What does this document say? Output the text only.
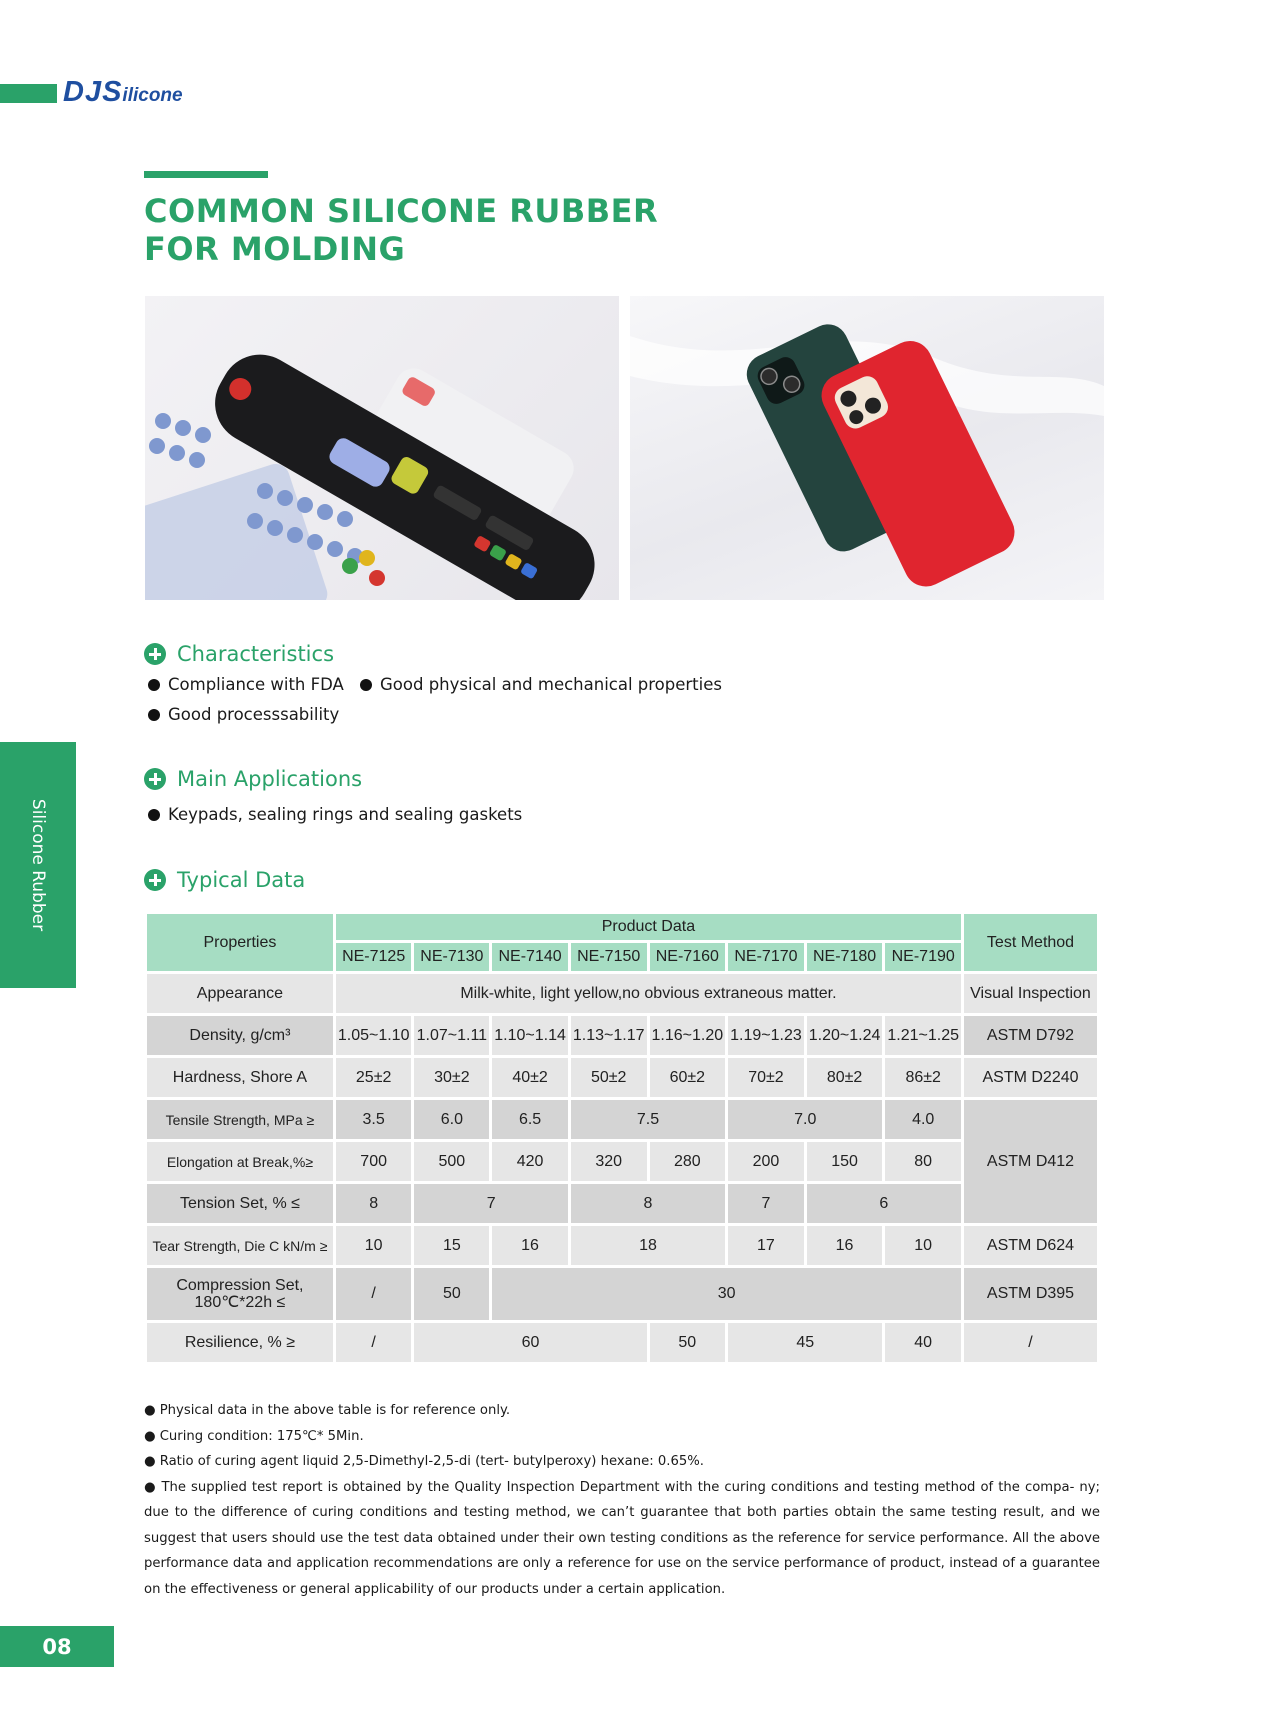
DJSilicone
COMMON SILICONE RUBBER
FOR MOLDING
Silicone Rubber
Characteristics
Compliance with FDA Good physical and mechanical properties
Good processsability
Main Applications
Keypads, sealing rings and sealing gaskets
Typical Data
Properties	Product Data								Test Method
	NE-7125	NE-7130	NE-7140	NE-7150	NE-7160	NE-7170	NE-7180	NE-7190	
Appearance	Milk-white, light yellow,no obvious extraneous matter.								Visual Inspection
Density, g/cm³	1.05~1.10	1.07~1.11	1.10~1.14	1.13~1.17	1.16~1.20	1.19~1.23	1.20~1.24	1.21~1.25	ASTM D792
Hardness, Shore A	25±2	30±2	40±2	50±2	60±2	70±2	80±2	86±2	ASTM D2240
Tensile Strength, MPa ≥	3.5	6.0	6.5	7.5		7.0		4.0	ASTM D412
Elongation at Break,%≥	700	500	420	320	280	200	150	80	
Tension Set, % ≤	8	7		8		7	6		
Tear Strength, Die C kN/m ≥	10	15	16	18		17	16	10	ASTM D624
Compression Set,
180℃*22h ≤	/	50	30						ASTM D395
Resilience, % ≥	/	60			50	45		40	/
● Physical data in the above table is for reference only.
● Curing condition: 175℃* 5Min.
● Ratio of curing agent liquid 2,5-Dimethyl-2,5-di (tert- butylperoxy) hexane: 0.65%.
● The supplied test report is obtained by the Quality Inspection Department with the curing conditions and testing method of the compa- ny; due to the difference of curing conditions and testing method, we can’t guarantee that both parties obtain the same testing result, and we suggest that users should use the test data obtained under their own testing conditions as the reference for service performance. All the above performance data and application recommendations are only a reference for use on the service performance of product, instead of a guarantee on the effectiveness or general applicability of our products under a certain application.
08
